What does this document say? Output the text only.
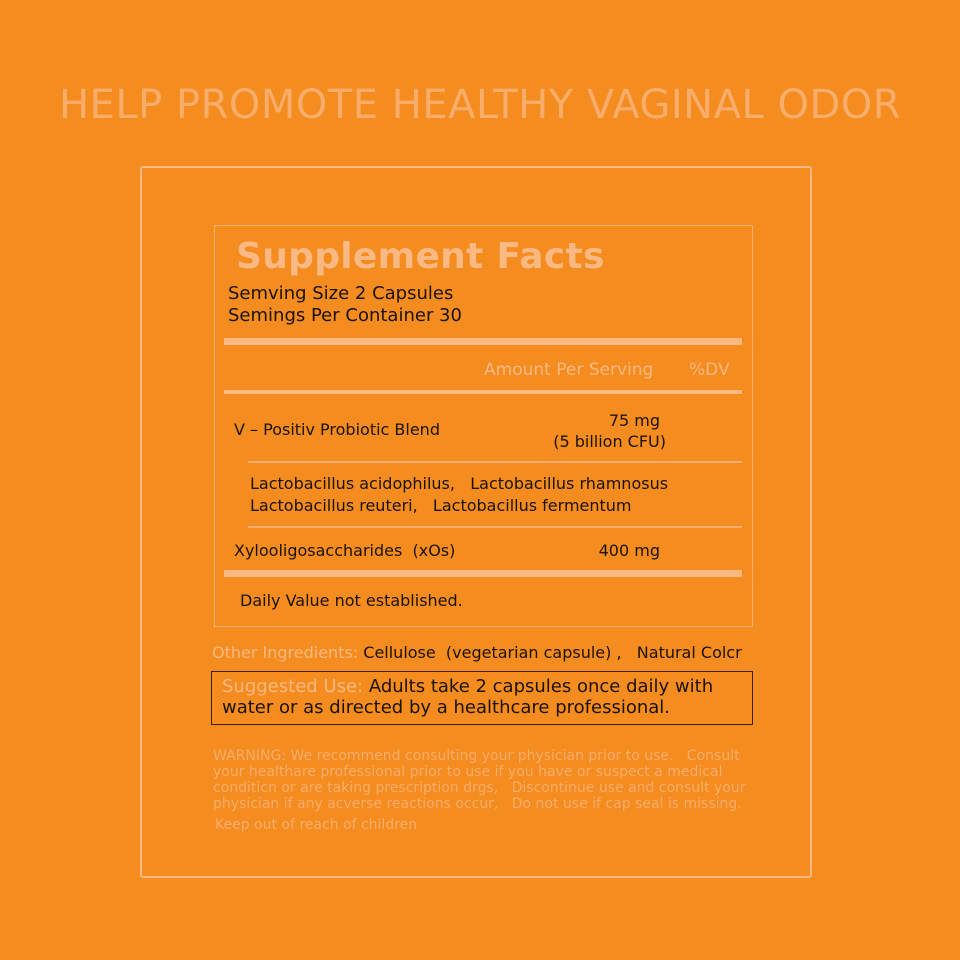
HELP PROMOTE HEALTHY VAGINAL ODOR
Supplement Facts
Semving Size 2 Capsules
Semings Per Container 30
Amount Per Serving %DV
V – Positiv Probiotic Blend	75 mg
(5 billion CFU)
Lactobacillus acidophilus,   Lactobacillus rhamnosus
Lactobacillus reuteri,   Lactobacillus fermentum
Xylooligosaccharides  (xOs)	400 mg
Daily Value not established.
Other Ingredients: Cellulose  (vegetarian capsule) ,   Natural Colcr
Suggested Use: Adults take 2 capsules once daily with water or as directed by a healthcare professional.
WARNING: We recommend consulting your physician prior to use.   Consult your healthare professional prior to use if you have or suspect a medical conditicn or are taking prescription drgs,   Discontinue use and consult your physician if any acverse reactions occur,   Do not use if cap seal is missing.
Keep out of reach of children
